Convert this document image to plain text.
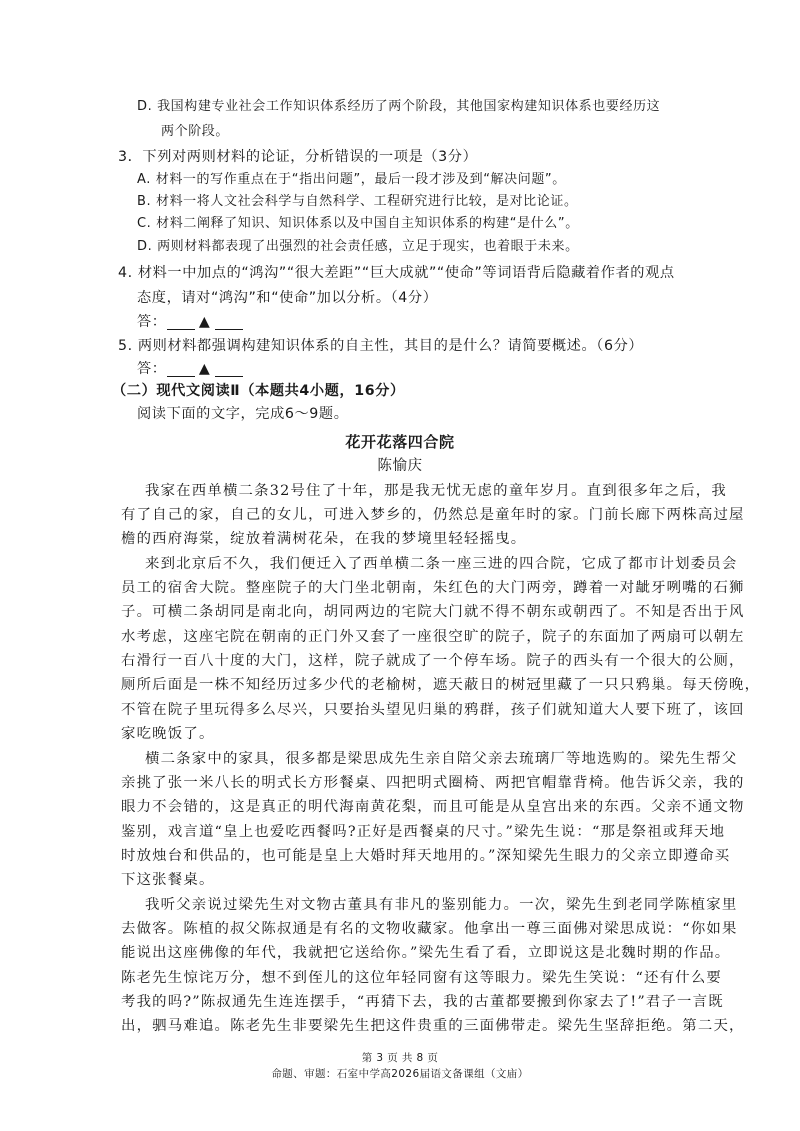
D. 我国构建专业社会工作知识体系经历了两个阶段，其他国家构建知识体系也要经历这

两个阶段。

3．下列对两则材料的论证，分析错误的一项是（3分）

A. 材料一的写作重点在于“指出问题”，最后一段才涉及到“解决问题”。

B. 材料一将人文社会科学与自然科学、工程研究进行比较，是对比论证。

C. 材料二阐释了知识、知识体系以及中国自主知识体系的构建“是什么”。

D. 两则材料都表现了出强烈的社会责任感，立足于现实，也着眼于未来。

4. 材料一中加点的“鸿沟”“很大差距”“巨大成就”“使命”等词语背后隐藏着作者的观点

态度，请对“鸿沟”和“使命”加以分析。（4分）

答： ▲

5. 两则材料都强调构建知识体系的自主性，其目的是什么？请简要概述。（6分）

答： ▲

（二）现代文阅读Ⅱ（本题共4小题，16分）

阅读下面的文字，完成6～9题。

花开花落四合院

陈愉庆

我家在西单横二条32号住了十年，那是我无忧无虑的童年岁月。直到很多年之后，我

有了自己的家，自己的女儿，可进入梦乡的，仍然总是童年时的家。门前长廊下两株高过屋

檐的西府海棠，绽放着满树花朵，在我的梦境里轻轻摇曳。

来到北京后不久，我们便迁入了西单横二条一座三进的四合院，它成了都市计划委员会

员工的宿舍大院。整座院子的大门坐北朝南，朱红色的大门两旁，蹲着一对龇牙咧嘴的石狮

子。可横二条胡同是南北向，胡同两边的宅院大门就不得不朝东或朝西了。不知是否出于风

水考虑，这座宅院在朝南的正门外又套了一座很空旷的院子，院子的东面加了两扇可以朝左

右滑行一百八十度的大门，这样，院子就成了一个停车场。院子的西头有一个很大的公厕，

厕所后面是一株不知经历过多少代的老榆树，遮天蔽日的树冠里藏了一只只鸦巢。每天傍晚，

不管在院子里玩得多么尽兴，只要抬头望见归巢的鸦群，孩子们就知道大人要下班了，该回

家吃晚饭了。

横二条家中的家具，很多都是梁思成先生亲自陪父亲去琉璃厂等地选购的。梁先生帮父

亲挑了张一米八长的明式长方形餐桌、四把明式圈椅、两把官帽靠背椅。他告诉父亲，我的

眼力不会错的，这是真正的明代海南黄花梨，而且可能是从皇宫出来的东西。父亲不通文物

鉴别，戏言道“皇上也爱吃西餐吗?正好是西餐桌的尺寸。”梁先生说：“那是祭祖或拜天地

时放烛台和供品的，也可能是皇上大婚时拜天地用的。”深知梁先生眼力的父亲立即遵命买

下这张餐桌。

我听父亲说过梁先生对文物古董具有非凡的鉴别能力。一次，梁先生到老同学陈植家里

去做客。陈植的叔父陈叔通是有名的文物收藏家。他拿出一尊三面佛对梁思成说：“你如果

能说出这座佛像的年代，我就把它送给你。”梁先生看了看，立即说这是北魏时期的作品。

陈老先生惊诧万分，想不到侄儿的这位年轻同窗有这等眼力。梁先生笑说：“还有什么要

考我的吗?”陈叔通先生连连摆手，“再猜下去，我的古董都要搬到你家去了!”君子一言既

出，驷马难追。陈老先生非要梁先生把这件贵重的三面佛带走。梁先生坚辞拒绝。第二天，

第 3 页 共 8 页

命题、审题：石室中学高2026届语文备课组（文庙）
